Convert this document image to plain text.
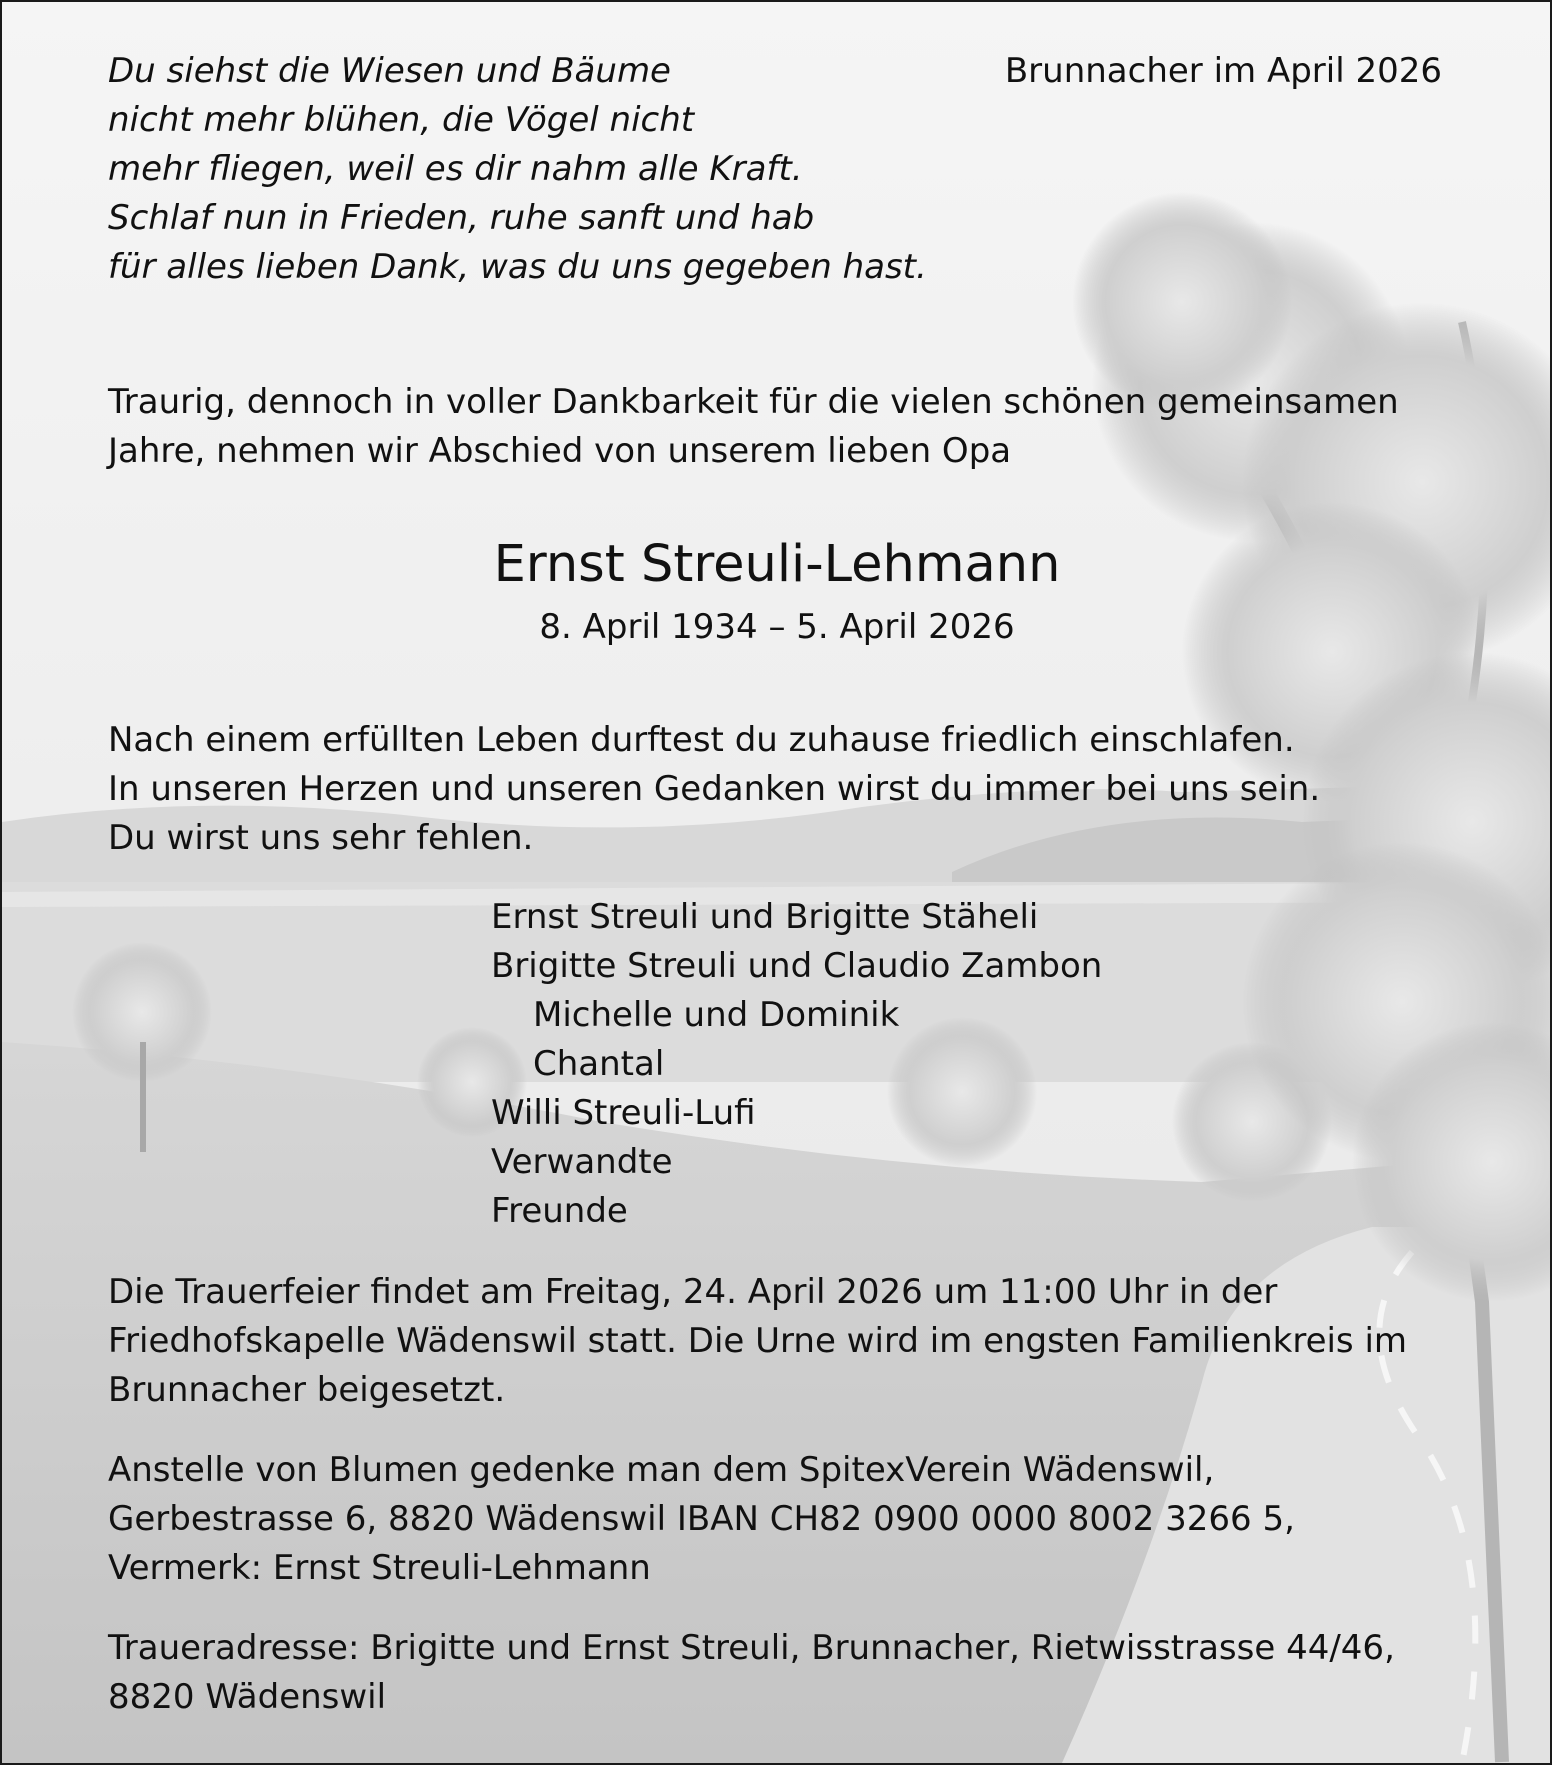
Du siehst die Wiesen und Bäume
nicht mehr blühen, die Vögel nicht
mehr fliegen, weil es dir nahm alle Kraft.
Schlaf nun in Frieden, ruhe sanft und hab
für alles lieben Dank, was du uns gegeben hast.
Brunnacher im April 2026
Traurig, dennoch in voller Dankbarkeit für die vielen schönen gemeinsamen
Jahre, nehmen wir Abschied von unserem lieben Opa
Ernst Streuli-Lehmann
8. April 1934 – 5. April 2026
Nach einem erfüllten Leben durftest du zuhause friedlich einschlafen.
In unseren Herzen und unseren Gedanken wirst du immer bei uns sein.
Du wirst uns sehr fehlen.
Ernst Streuli und Brigitte Stäheli
Brigitte Streuli und Claudio Zambon
Michelle und Dominik
Chantal
Willi Streuli-Lufi
Verwandte
Freunde
Die Trauerfeier findet am Freitag, 24. April 2026 um 11:00 Uhr in der
Friedhofskapelle Wädenswil statt. Die Urne wird im engsten Familienkreis im
Brunnacher beigesetzt.
Anstelle von Blumen gedenke man dem SpitexVerein Wädenswil,
Gerbestrasse 6, 8820 Wädenswil IBAN CH82 0900 0000 8002 3266 5,
Vermerk: Ernst Streuli-Lehmann
Traueradresse: Brigitte und Ernst Streuli, Brunnacher, Rietwisstrasse 44/46,
8820 Wädenswil
